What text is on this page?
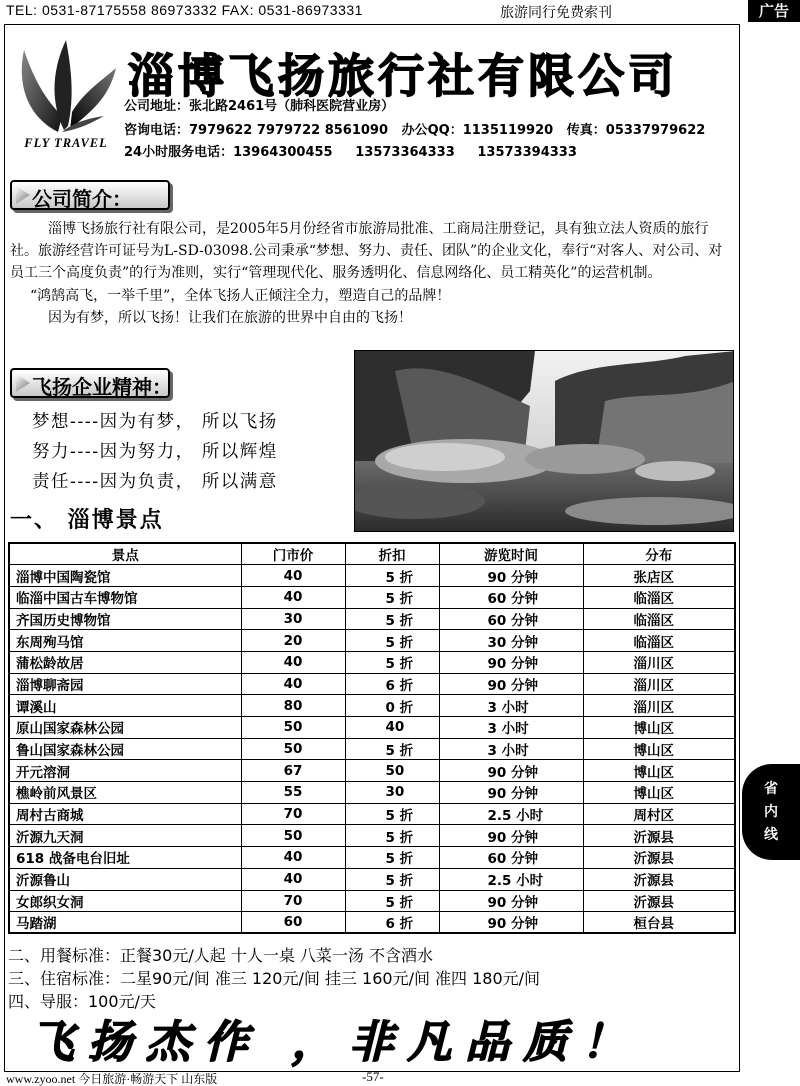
TEL: 0531-87175558 86973332 FAX: 0531-86973331	旅游同行免费索刊	广告
FLY TRAVEL
淄博飞扬旅行社有限公司
公司地址：张北路2461号（肺科医院营业房）
咨询电话：7979622 7979722 8561090 办公QQ：1135119920 传真：05337979622
24小时服务电话：13964300455 13573364333 13573394333
公司简介：

淄博飞扬旅行社有限公司，是2005年5月份经省市旅游局批准、工商局注册登记，具有独立法人资质的旅行社。旅游经营许可证号为L-SD-03098.公司秉承“梦想、努力、责任、团队”的企业文化，奉行“对客人、对公司、对员工三个高度负责”的行为准则，实行“管理现代化、服务透明化、信息网络化、员工精英化”的运营机制。

“鸿鹄高飞，一举千里”，全体飞扬人正倾注全力，塑造自己的品牌！

因为有梦，所以飞扬！让我们在旅游的世界中自由的飞扬！

飞扬企业精神：
梦想----因为有梦， 所以飞扬
努力----因为努力， 所以辉煌
责任----因为负责， 所以满意
一、 淄博景点
景点	门市价	折扣	游览时间	分布
淄博中国陶瓷馆	40	5 折	90 分钟	张店区
临淄中国古车博物馆	40	5 折	60 分钟	临淄区
齐国历史博物馆	30	5 折	60 分钟	临淄区
东周殉马馆	20	5 折	30 分钟	临淄区
蒲松龄故居	40	5 折	90 分钟	淄川区
淄博聊斋园	40	6 折	90 分钟	淄川区
谭溪山	80	0 折	3 小时	淄川区
原山国家森林公园	50	40	3 小时	博山区
鲁山国家森林公园	50	5 折	3 小时	博山区
开元溶洞	67	50	90 分钟	博山区
樵岭前风景区	55	30	90 分钟	博山区
周村古商城	70	5 折	2.5 小时	周村区
沂源九天洞	50	5 折	90 分钟	沂源县
618 战备电台旧址	40	5 折	60 分钟	沂源县
沂源鲁山	40	5 折	2.5 小时	沂源县
女郎织女洞	70	5 折	90 分钟	沂源县
马踏湖	60	6 折	90 分钟	桓台县
二、用餐标准：正餐30元/人起 十人一桌 八菜一汤 不含酒水
三、住宿标准：二星90元/间 准三 120元/间 挂三 160元/间 准四 180元/间
四、导服：100元/天
飞扬杰作 ，非凡品质！
www.zyoo.net 今日旅游·畅游天下 山东版	-57-
省
内
线
